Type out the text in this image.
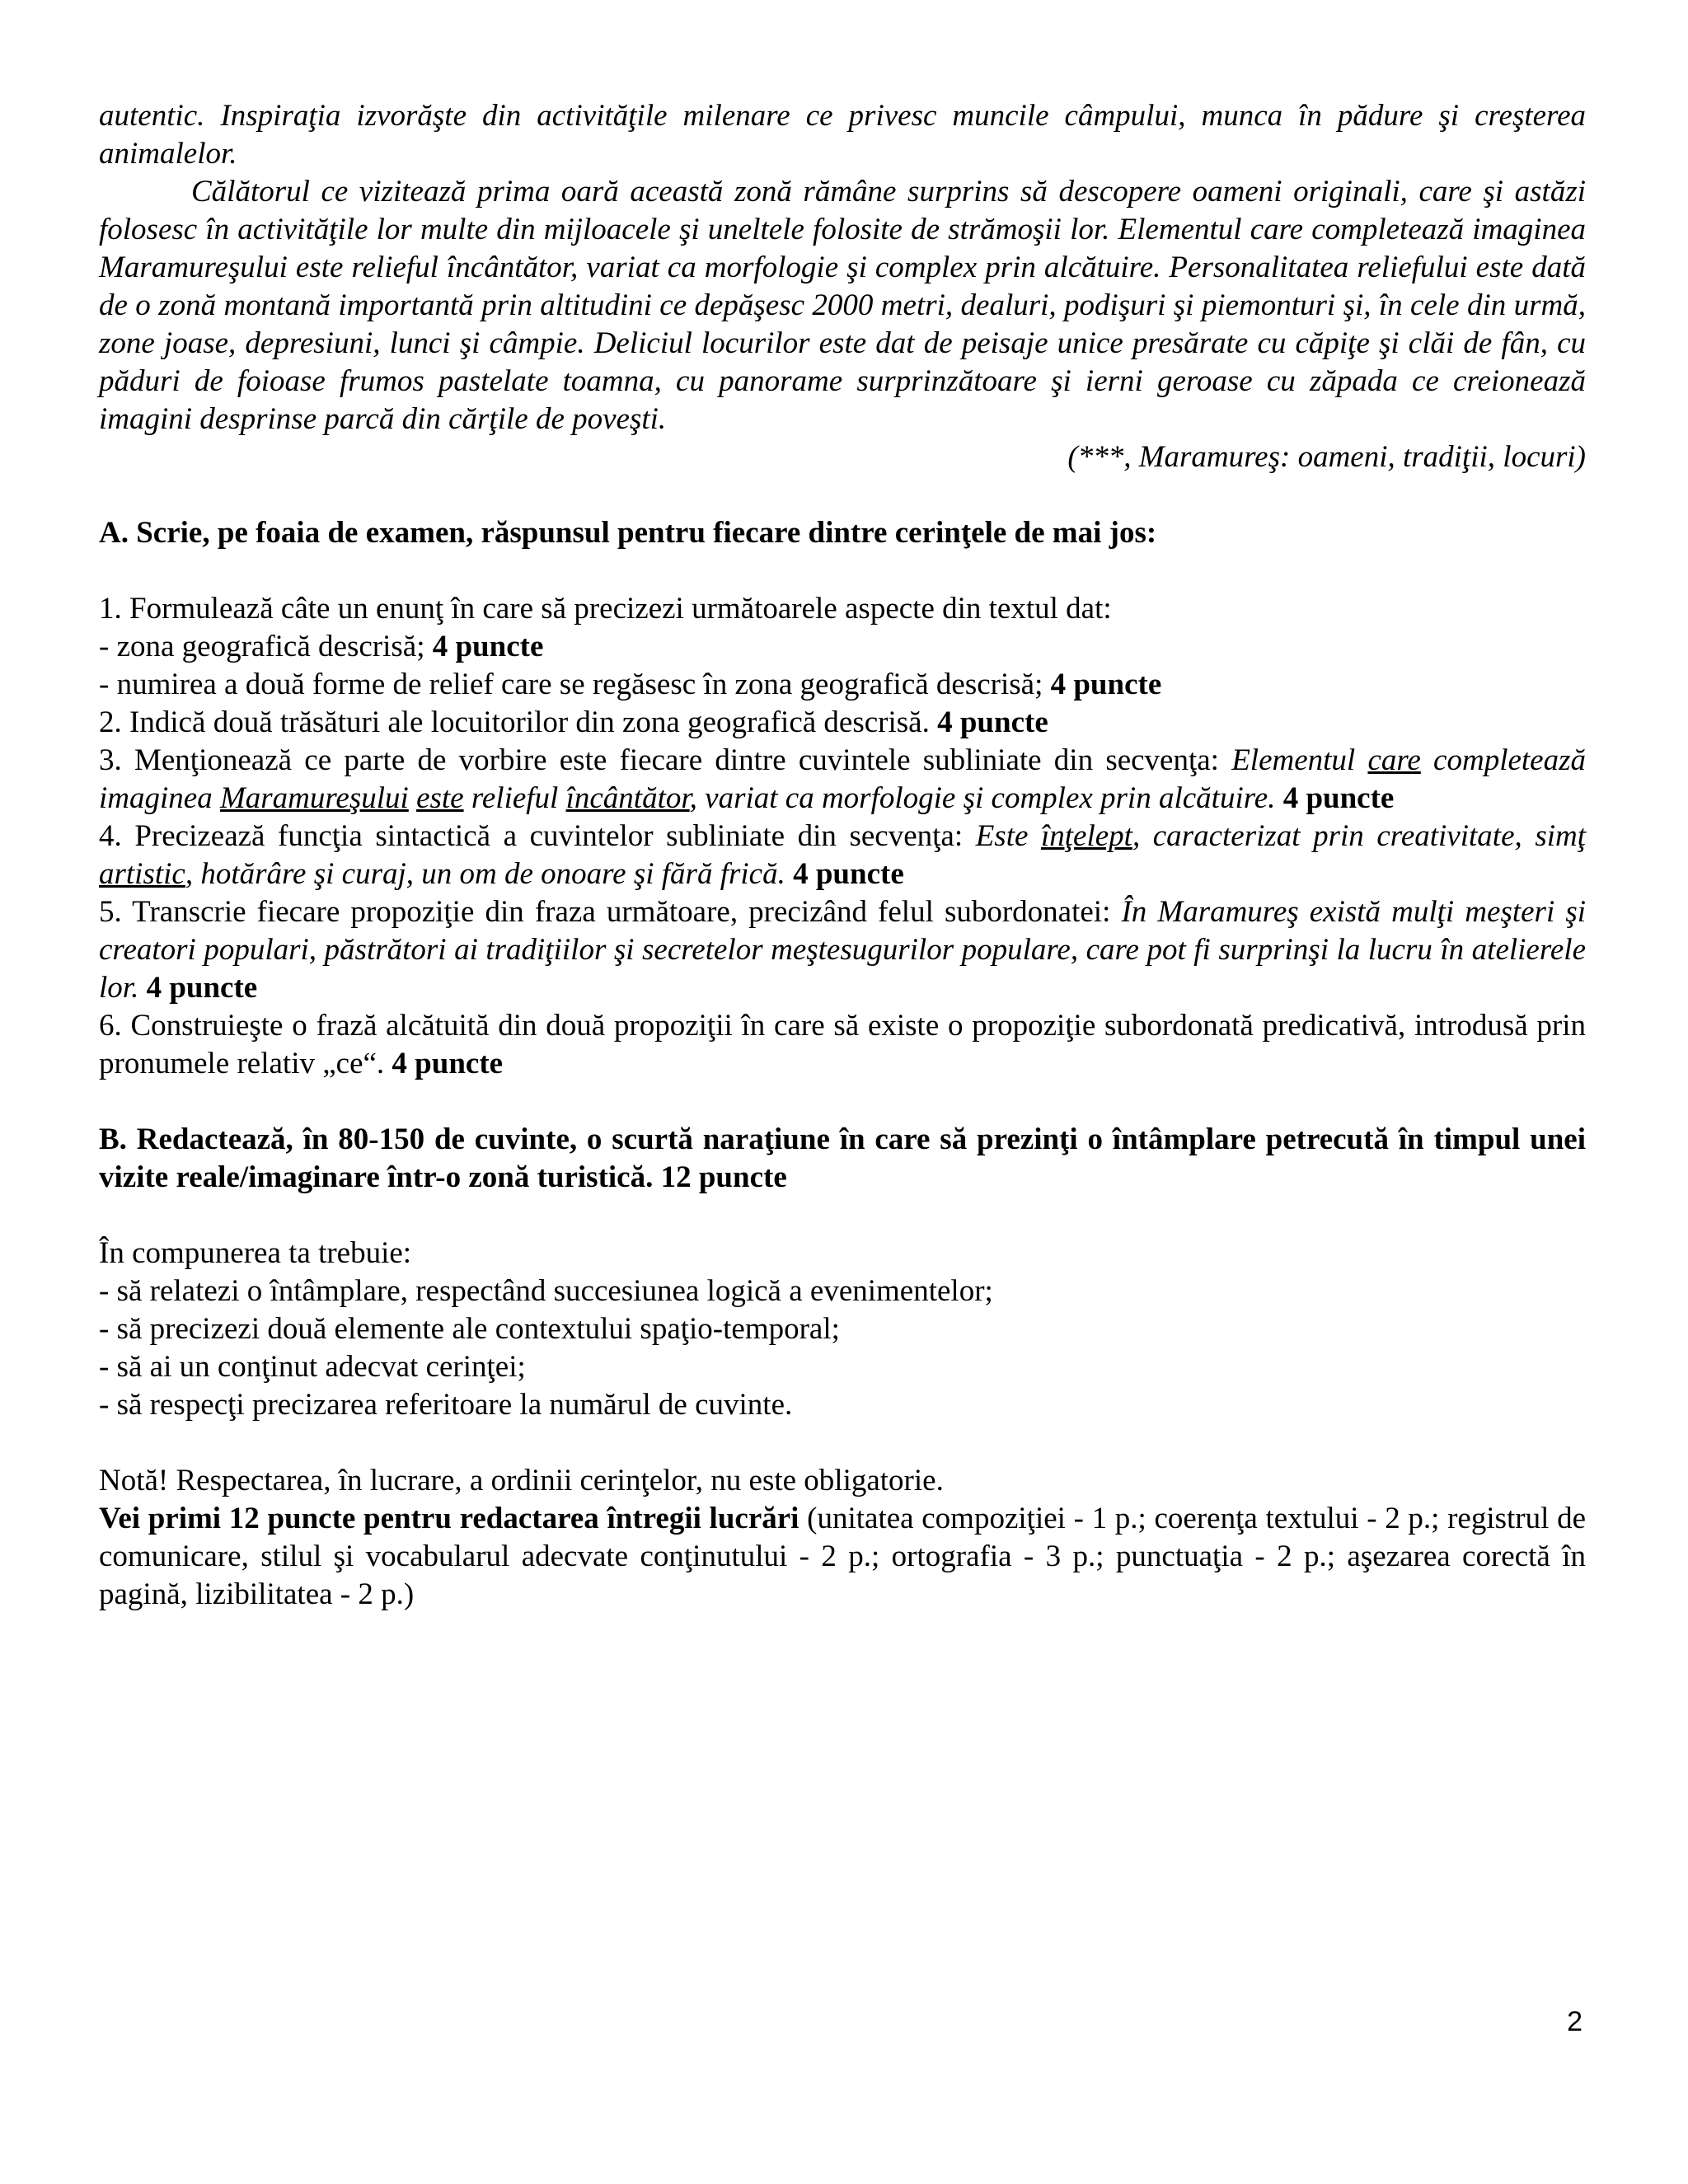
autentic. Inspiraţia izvorăşte din activităţile milenare ce privesc muncile câmpului, munca în pădure şi creşterea animalelor.

Călătorul ce vizitează prima oară această zonă rămâne surprins să descopere oameni originali, care şi astăzi folosesc în activităţile lor multe din mijloacele şi uneltele folosite de strămoşii lor. Elementul care completează imaginea Maramureşului este relieful încântător, variat ca morfologie şi complex prin alcătuire. Personalitatea reliefului este dată de o zonă montană importantă prin altitudini ce depăşesc 2000 metri, dealuri, podişuri şi piemonturi şi, în cele din urmă, zone joase, depresiuni, lunci şi câmpie. Deliciul locurilor este dat de peisaje unice presărate cu căpiţe şi clăi de fân, cu păduri de foioase frumos pastelate toamna, cu panorame surprinzătoare şi ierni geroase cu zăpada ce creionează imagini desprinse parcă din cărţile de poveşti.

(***, Maramureş: oameni, tradiţii, locuri)

A. Scrie, pe foaia de examen, răspunsul pentru fiecare dintre cerinţele de mai jos:

1. Formulează câte un enunţ în care să precizezi următoarele aspecte din textul dat:

- zona geografică descrisă; 4 puncte

- numirea a două forme de relief care se regăsesc în zona geografică descrisă; 4 puncte

2. Indică două trăsături ale locuitorilor din zona geografică descrisă. 4 puncte

3. Menţionează ce parte de vorbire este fiecare dintre cuvintele subliniate din secvenţa: Elementul care completează imaginea Maramureşului este relieful încântător, variat ca morfologie şi complex prin alcătuire. 4 puncte

4. Precizează funcţia sintactică a cuvintelor subliniate din secvenţa: Este înţelept, caracterizat prin creativitate, simţ artistic, hotărâre şi curaj, un om de onoare şi fără frică. 4 puncte

5. Transcrie fiecare propoziţie din fraza următoare, precizând felul subordonatei: În Maramureş există mulţi meşteri şi creatori populari, păstrători ai tradiţiilor şi secretelor meştesugurilor populare, care pot fi surprinşi la lucru în atelierele lor. 4 puncte

6. Construieşte o frază alcătuită din două propoziţii în care să existe o propoziţie subordonată predicativă, introdusă prin pronumele relativ „ce“. 4 puncte

B. Redactează, în 80-150 de cuvinte, o scurtă naraţiune în care să prezinţi o întâmplare petrecută în timpul unei vizite reale/imaginare într-o zonă turistică. 12 puncte

În compunerea ta trebuie:

- să relatezi o întâmplare, respectând succesiunea logică a evenimentelor;

- să precizezi două elemente ale contextului spaţio-temporal;

- să ai un conţinut adecvat cerinţei;

- să respecţi precizarea referitoare la numărul de cuvinte.

Notă! Respectarea, în lucrare, a ordinii cerinţelor, nu este obligatorie.

Vei primi 12 puncte pentru redactarea întregii lucrări (unitatea compoziţiei - 1 p.; coerenţa textului - 2 p.; registrul de comunicare, stilul şi vocabularul adecvate conţinutului - 2 p.; ortografia - 3 p.; punctuaţia - 2 p.; aşezarea corectă în pagină, lizibilitatea - 2 p.)

2
